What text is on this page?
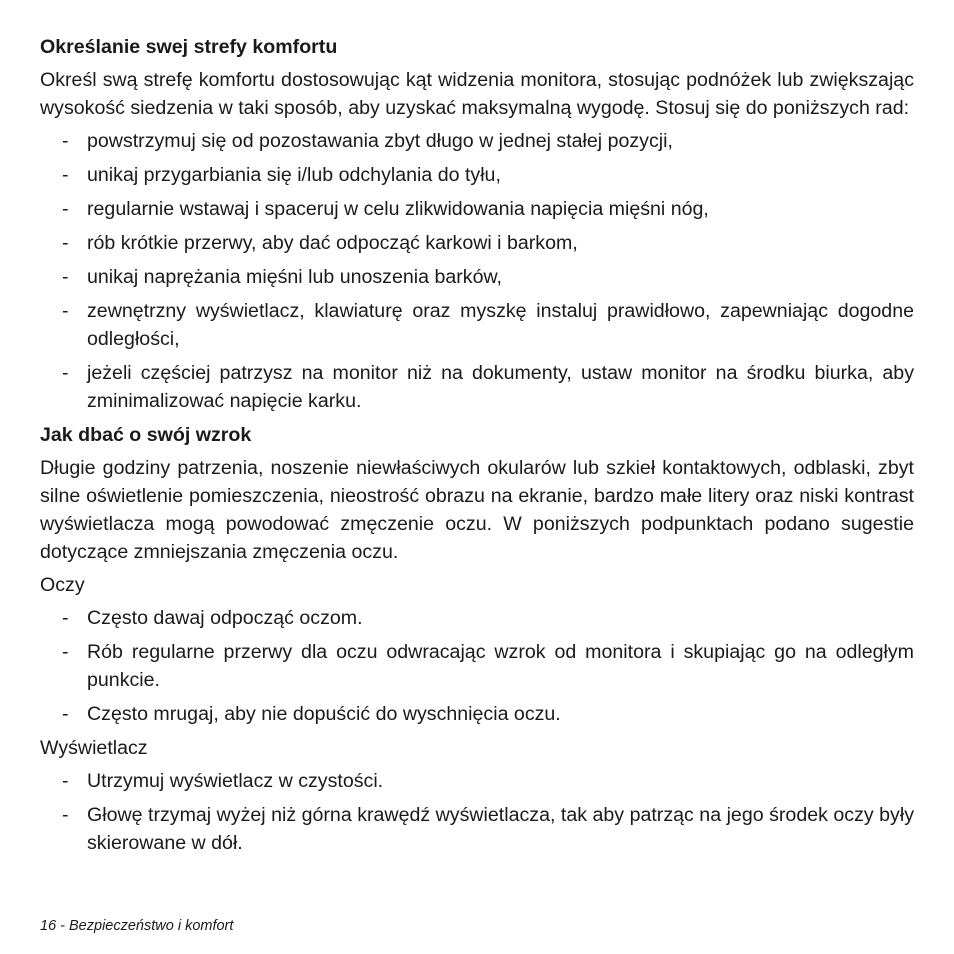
Określanie swej strefy komfortu
Określ swą strefę komfortu dostosowując kąt widzenia monitora, stosując podnóżek lub zwiększając wysokość siedzenia w taki sposób, aby uzyskać maksymalną wygodę. Stosuj się do poniższych rad:
- powstrzymuj się od pozostawania zbyt długo w jednej stałej pozycji,
- unikaj przygarbiania się i/lub odchylania do tyłu,
- regularnie wstawaj i spaceruj w celu zlikwidowania napięcia mięśni nóg,
- rób krótkie przerwy, aby dać odpocząć karkowi i barkom,
- unikaj naprężania mięśni lub unoszenia barków,
- zewnętrzny wyświetlacz, klawiaturę oraz myszkę instaluj prawidłowo, zapewniając dogodne odległości,
- jeżeli częściej patrzysz na monitor niż na dokumenty, ustaw monitor na środku biurka, aby zminimalizować napięcie karku.
Jak dbać o swój wzrok
Długie godziny patrzenia, noszenie niewłaściwych okularów lub szkieł kontaktowych, odblaski, zbyt silne oświetlenie pomieszczenia, nieostrość obrazu na ekranie, bardzo małe litery oraz niski kontrast wyświetlacza mogą powodować zmęczenie oczu. W poniższych podpunktach podano sugestie dotyczące zmniejszania zmęczenia oczu.
Oczy
- Często dawaj odpocząć oczom.
- Rób regularne przerwy dla oczu odwracając wzrok od monitora i skupiając go na odległym punkcie.
- Często mrugaj, aby nie dopuścić do wyschnięcia oczu.
Wyświetlacz
- Utrzymuj wyświetlacz w czystości.
- Głowę trzymaj wyżej niż górna krawędź wyświetlacza, tak aby patrząc na jego środek oczy były skierowane w dół.
16 - Bezpieczeństwo i komfort
